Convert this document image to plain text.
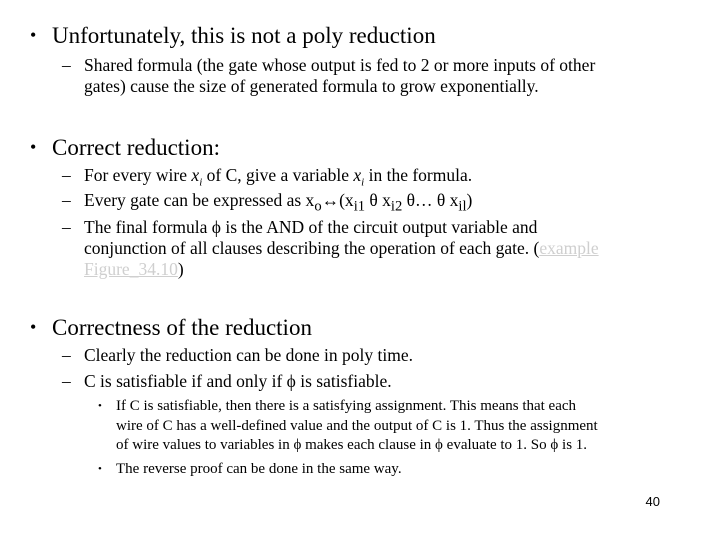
• Unfortunately, this is not a poly reduction
– Shared formula (the gate whose output is fed to 2 or more inputs of other
gates) cause the size of generated formula to grow exponentially.
• Correct reduction:
– For every wire $x_i$ of C, give a variable $x_i$ in the formula.
– Every gate can be expressed as $x_o\leftrightarrow(x_{i1}$ θ $x_{i2}$ θ… θ $x_{il}$)
– The final formula ϕ is the AND of the circuit output variable and
conjunction of all clauses describing the operation of each gate. (example
Figure_34.10)
• Correctness of the reduction
– Clearly the reduction can be done in poly time.
– C is satisfiable if and only if ϕ is satisfiable.
• If C is satisfiable, then there is a satisfying assignment. This means that each
wire of C has a well-defined value and the output of C is 1. Thus the assignment
of wire values to variables in ϕ makes each clause in ϕ evaluate to 1. So ϕ is 1.
• The reverse proof can be done in the same way.
40
